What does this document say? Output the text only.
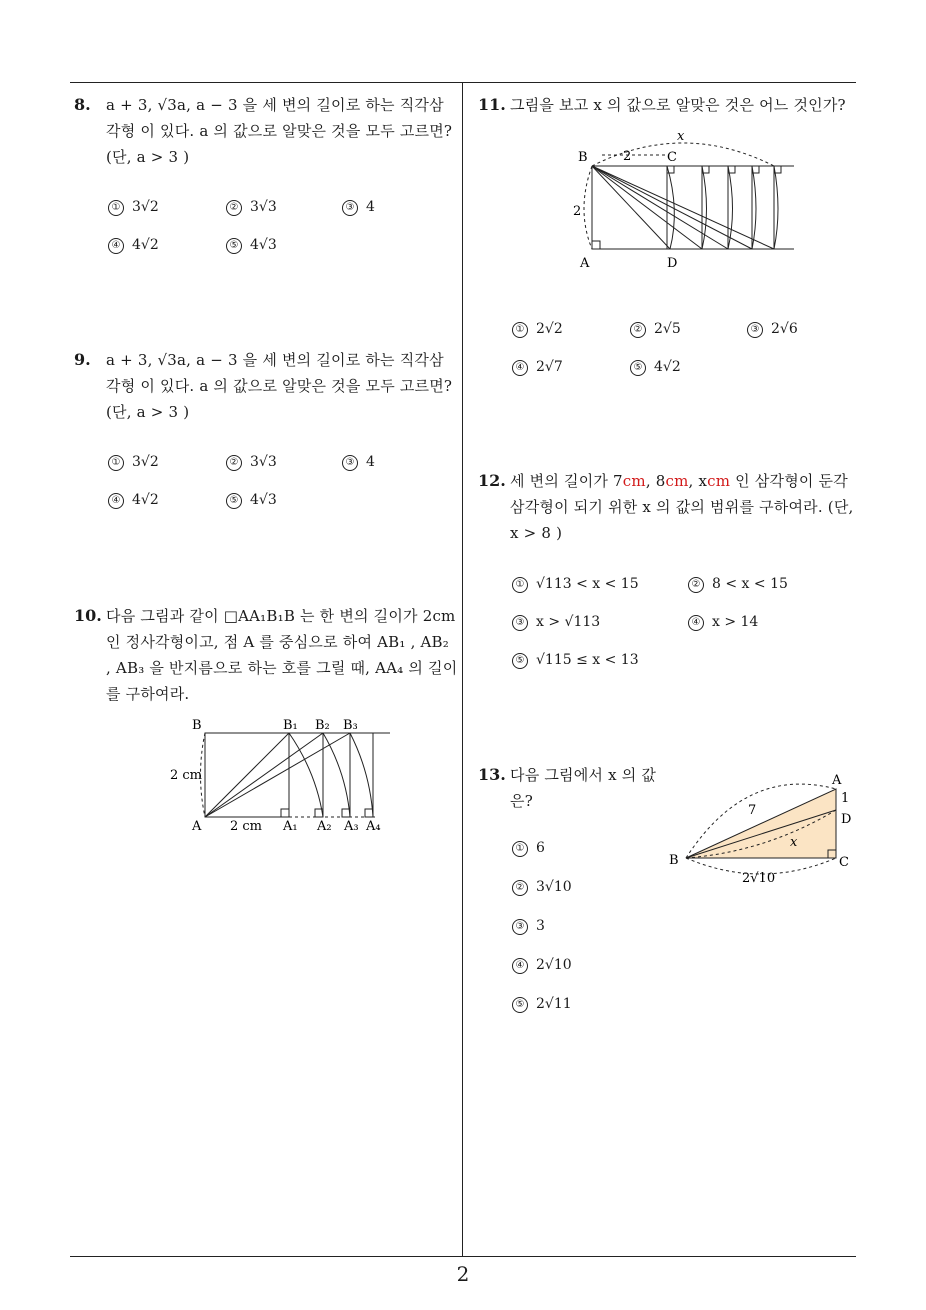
8. a + 3, √3a, a − 3 을 세 변의 길이로 하는 직각삼각형 이 있다. a 의 값으로 알맞은 것을 모두 고르면? (단, a > 3 )
① 3√2	② 3√3	③ 4
④ 4√2	⑤ 4√3
9. a + 3, √3a, a − 3 을 세 변의 길이로 하는 직각삼각형 이 있다. a 의 값으로 알맞은 것을 모두 고르면? (단, a > 3 )
① 3√2	② 3√3	③ 4
④ 4√2	⑤ 4√3
10. 다음 그림과 같이 □AA₁B₁B 는 한 변의 길이가 2cm 인 정사각형이고, 점 A 를 중심으로 하여 AB₁ , AB₂ , AB₃ 을 반지름으로 하는 호를 그릴 때, AA₄ 의 길이를 구하여라.
B	B₁ B₂ B₃
2 cm
A 2 cm A₁ A₂ A₃ A₄
11. 그림을 보고 x 의 값으로 알맞은 것은 어느 것인가?
x
B	2	C
2
A	D
① 2√2	② 2√5	③ 2√6
④ 2√7	⑤ 4√2
12. 세 변의 길이가 7cm, 8cm, xcm 인 삼각형이 둔각삼각형이 되기 위한 x 의 값의 범위를 구하여라. (단, x > 8 )
① √113 < x < 15	② 8 < x < 15
③ x > √113	④ x > 14
⑤ √115 ≤ x < 13
13. 다음 그림에서 x 의 값은?
A
7
1
D
B
x
C
2√10
① 6
② 3√10
③ 3
④ 2√10
⑤ 2√11
2
